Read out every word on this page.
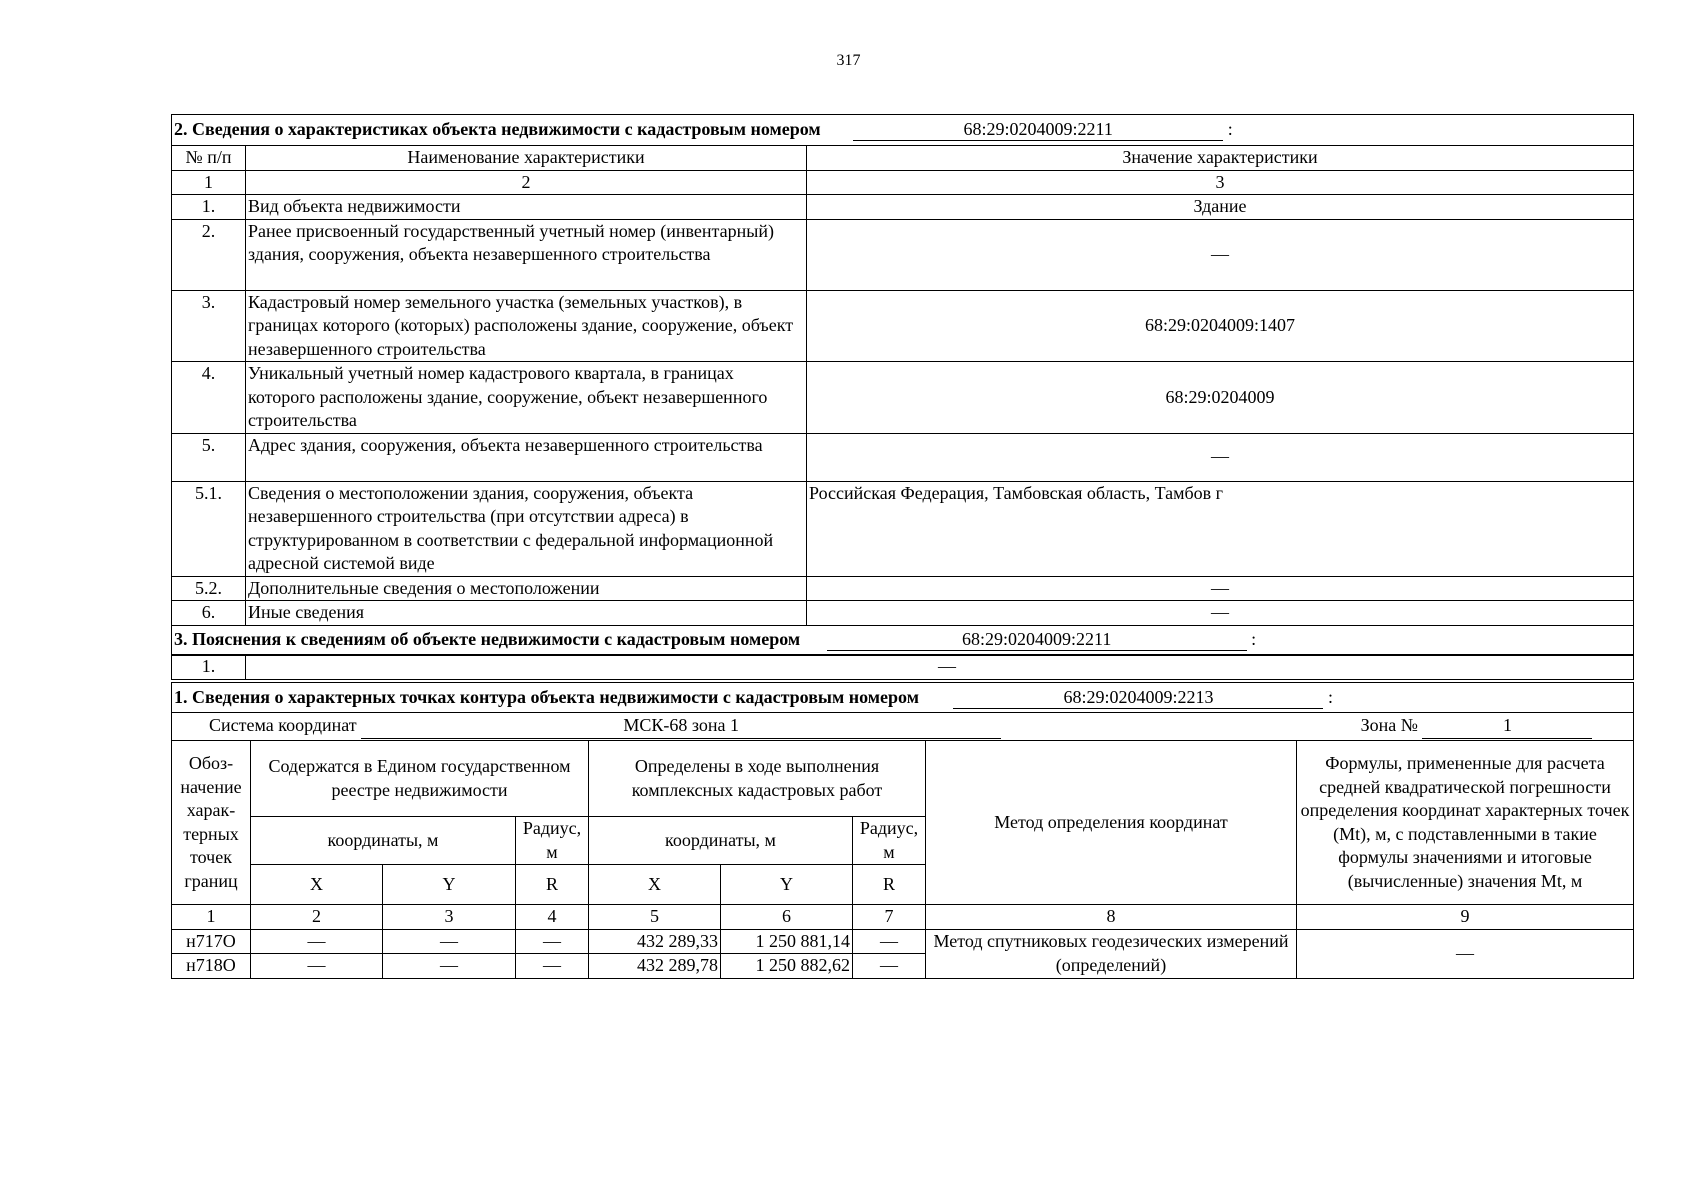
317
2. Сведения о характеристиках объекта недвижимости с кадастровым номером 68:29:0204009:2211 :		
№ п/п	Наименование характеристики	Значение характеристики
1	2	3
1.	Вид объекта недвижимости	Здание
2.	Ранее присвоенный государственный учетный номер (инвентарный) здания, сооружения, объекта незавершенного строительства	—
3.	Кадастровый номер земельного участка (земельных участков), в границах которого (которых) расположены здание, сооружение, объект незавершенного строительства	68:29:0204009:1407
4.	Уникальный учетный номер кадастрового квартала, в границах которого расположены здание, сооружение, объект незавершенного строительства	68:29:0204009
5.	Адрес здания, сооружения, объекта незавершенного строительства	—
5.1.	Сведения о местоположении здания, сооружения, объекта незавершенного строительства (при отсутствии адреса) в структурированном в соответствии с федеральной информационной адресной системой виде	Российская Федерация, Тамбовская область, Тамбов г
5.2.	Дополнительные сведения о местоположении	—
6.	Иные сведения	—
3. Пояснения к сведениям об объекте недвижимости с кадастровым номером 68:29:0204009:2211 :		
1.	—
1. Сведения о характерных точках контура объекта недвижимости с кадастровым номером 68:29:0204009:2213 :								
Система координат МСК-68 зона 1 Зона № 1								
Обоз- начение харак- терных точек границ	Содержатся в Едином государственном реестре недвижимости			Определены в ходе выполнения комплексных кадастровых работ			Метод определения координат	Формулы, примененные для расчета средней квадратической погрешности определения координат характерных точек (Mt), м, с подставленными в такие формулы значениями и итоговые (вычисленные) значения Mt, м
	координаты, м		Радиус, м	координаты, м		Радиус, м		
	X	Y	R	X	Y	R		
1	2	3	4	5	6	7	8	9
н717О	—	—	—	432 289,33	1 250 881,14	—	Метод спутниковых геодезических измерений (определений)	—
н718О	—	—	—	432 289,78	1 250 882,62	—		
